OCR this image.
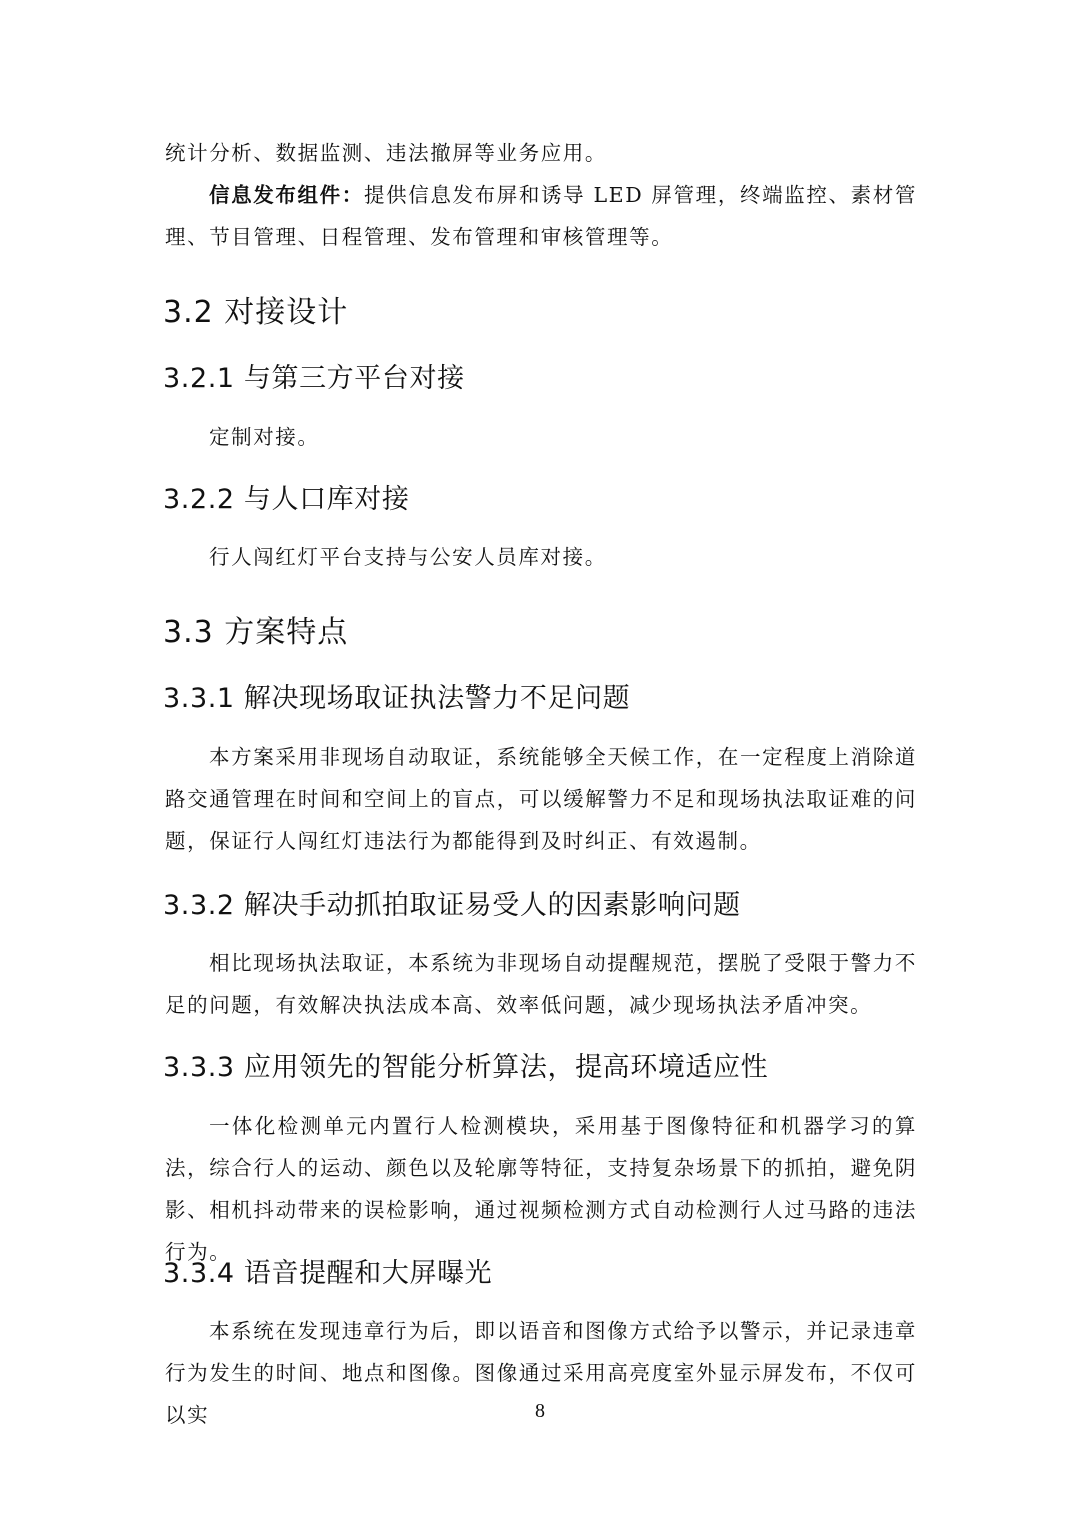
统计分析、数据监测、违法撤屏等业务应用。

信息发布组件：提供信息发布屏和诱导 LED 屏管理，终端监控、素材管理、节目管理、日程管理、发布管理和审核管理等。

3.2 对接设计
3.2.1 与第三方平台对接

定制对接。

3.2.2 与人口库对接

行人闯红灯平台支持与公安人员库对接。

3.3 方案特点
3.3.1 解决现场取证执法警力不足问题

本方案采用非现场自动取证，系统能够全天候工作，在一定程度上消除道路交通管理在时间和空间上的盲点，可以缓解警力不足和现场执法取证难的问题，保证行人闯红灯违法行为都能得到及时纠正、有效遏制。

3.3.2 解决手动抓拍取证易受人的因素影响问题

相比现场执法取证，本系统为非现场自动提醒规范，摆脱了受限于警力不足的问题，有效解决执法成本高、效率低问题，减少现场执法矛盾冲突。

3.3.3 应用领先的智能分析算法，提高环境适应性

一体化检测单元内置行人检测模块，采用基于图像特征和机器学习的算法，综合行人的运动、颜色以及轮廓等特征，支持复杂场景下的抓拍，避免阴影、相机抖动带来的误检影响，通过视频检测方式自动检测行人过马路的违法行为。

3.3.4 语音提醒和大屏曝光

本系统在发现违章行为后，即以语音和图像方式给予以警示，并记录违章行为发生的时间、地点和图像。图像通过采用高亮度室外显示屏发布，不仅可以实	8
